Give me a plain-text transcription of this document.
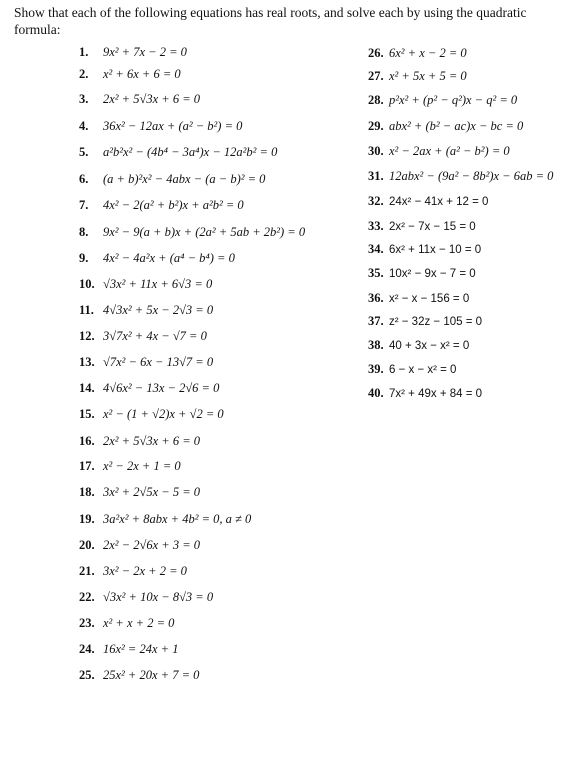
Show that each of the following equations has real roots, and solve each by using the quadratic formula:
1. 9x² + 7x − 2 = 0
2. x² + 6x + 6 = 0
3. 2x² + 5√3x + 6 = 0
4. 36x² − 12ax + (a² − b²) = 0
5. a²b²x² − (4b⁴ − 3a⁴)x − 12a²b² = 0
6. (a + b)²x² − 4abx − (a − b)² = 0
7. 4x² − 2(a² + b²)x + a²b² = 0
8. 9x² − 9(a + b)x + (2a² + 5ab + 2b²) = 0
9. 4x² − 4a²x + (a⁴ − b⁴) = 0
10. √3x² + 11x + 6√3 = 0
11. 4√3x² + 5x − 2√3 = 0
12. 3√7x² + 4x − √7 = 0
13. √7x² − 6x − 13√7 = 0
14. 4√6x² − 13x − 2√6 = 0
15. x² − (1 + √2)x + √2 = 0
16. 2x² + 5√3x + 6 = 0
17. x² − 2x + 1 = 0
18. 3x² + 2√5x − 5 = 0
19. 3a²x² + 8abx + 4b² = 0, a ≠ 0
20. 2x² − 2√6x + 3 = 0
21. 3x² − 2x + 2 = 0
22. √3x² + 10x − 8√3 = 0
23. x² + x + 2 = 0
24. 16x² = 24x + 1
25. 25x² + 20x + 7 = 0
26. 6x² + x − 2 = 0
27. x² + 5x + 5 = 0
28. p²x² + (p² − q²)x − q² = 0
29. abx² + (b² − ac)x − bc = 0
30. x² − 2ax + (a² − b²) = 0
31. 12abx² − (9a² − 8b²)x − 6ab = 0
32. 24x² − 41x + 12 = 0
33. 2x² − 7x − 15 = 0
34. 6x² + 11x − 10 = 0
35. 10x² − 9x − 7 = 0
36. x² − x − 156 = 0
37. z² − 32z − 105 = 0
38. 40 + 3x − x² = 0
39. 6 − x − x² = 0
40. 7x² + 49x + 84 = 0
